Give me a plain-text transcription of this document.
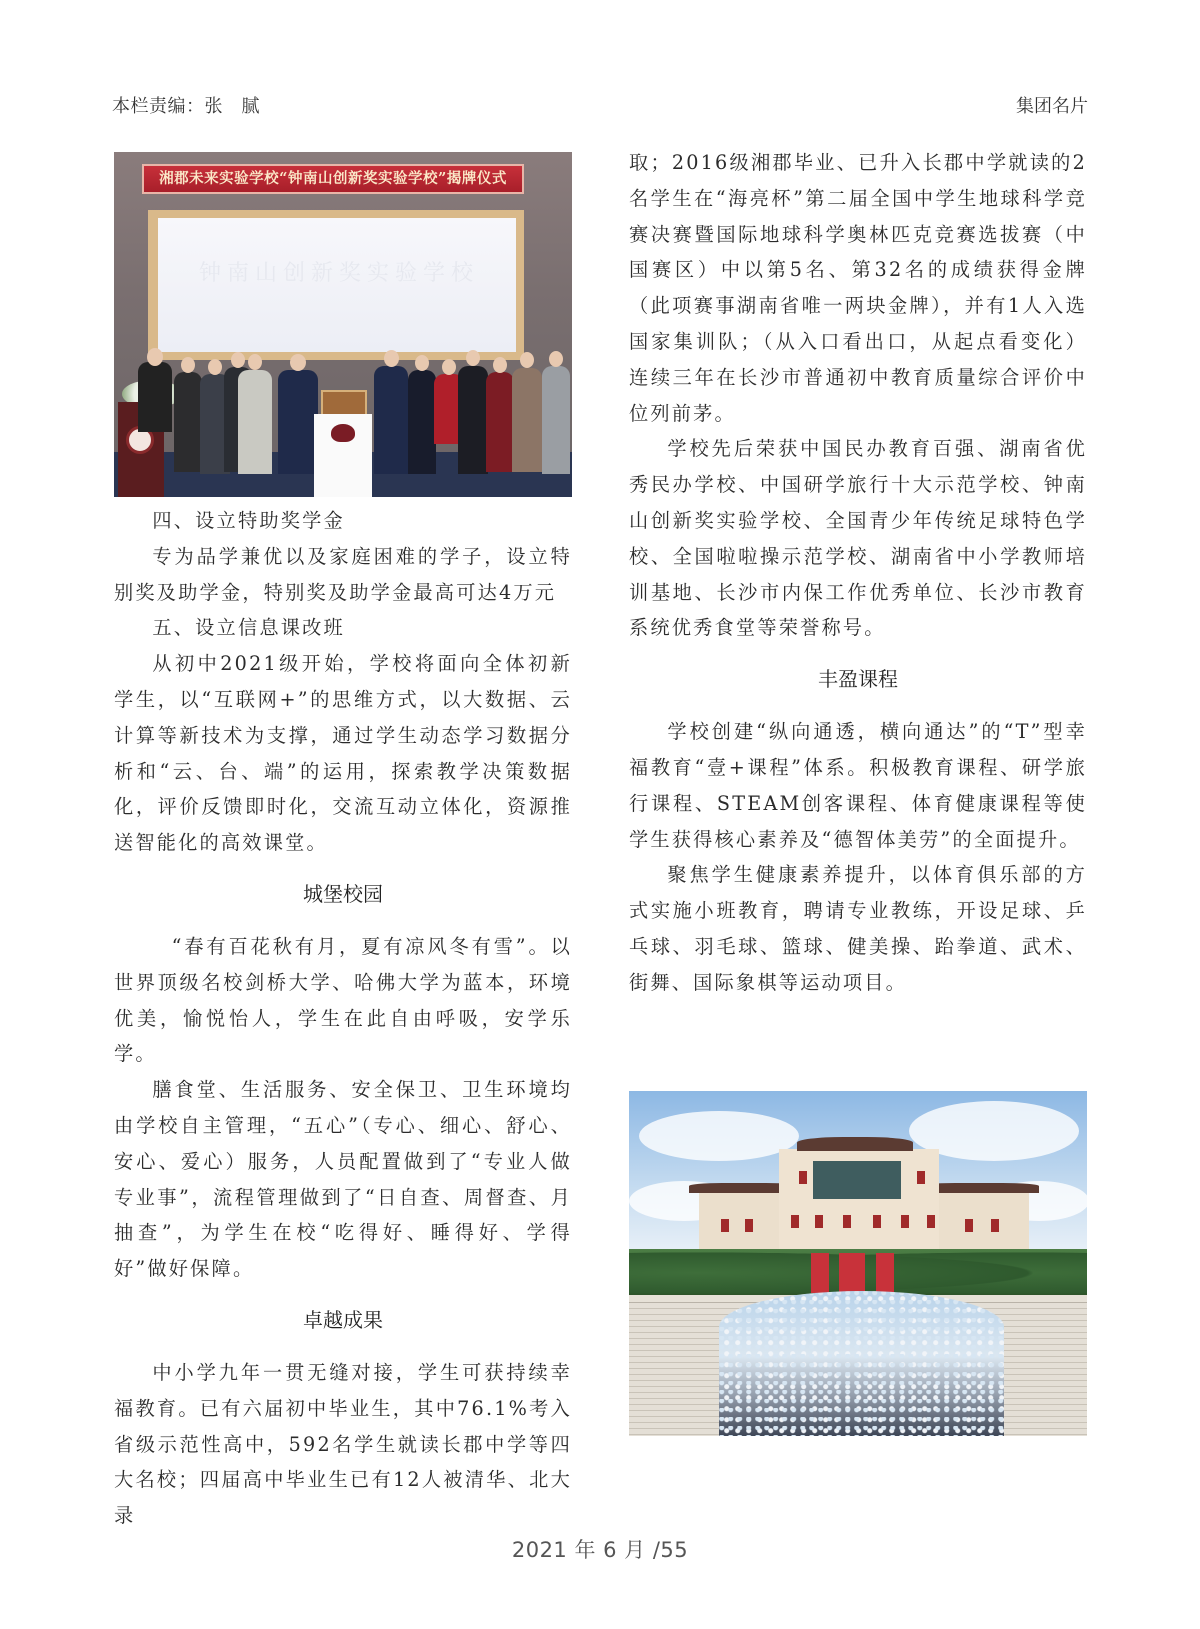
本栏责编：张　腻	集团名片
湘郡未来实验学校“钟南山创新奖实验学校”揭牌仪式
钟南山创新奖实验学校

四、设立特助奖学金

专为品学兼优以及家庭困难的学子，设立特别奖及助学金，特别奖及助学金最高可达4万元

五、设立信息课改班

从初中2021级开始，学校将面向全体初新学生，以“互联网+”的思维方式，以大数据、云计算等新技术为支撑，通过学生动态学习数据分析和“云、台、端”的运用，探索教学决策数据化，评价反馈即时化，交流互动立体化，资源推送智能化的高效课堂。

城堡校园

“春有百花秋有月，夏有凉风冬有雪”。以世界顶级名校剑桥大学、哈佛大学为蓝本，环境优美，愉悦怡人，学生在此自由呼吸，安学乐学。

膳食堂、生活服务、安全保卫、卫生环境均由学校自主管理，“五心”（专心、细心、舒心、安心、爱心）服务，人员配置做到了“专业人做专业事”，流程管理做到了“日自查、周督查、月抽查”，为学生在校“吃得好、睡得好、学得好”做好保障。

卓越成果

中小学九年一贯无缝对接，学生可获持续幸福教育。已有六届初中毕业生，其中76.1%考入省级示范性高中，592名学生就读长郡中学等四大名校；四届高中毕业生已有12人被清华、北大录

取；2016级湘郡毕业、已升入长郡中学就读的2名学生在“海亮杯”第二届全国中学生地球科学竞赛决赛暨国际地球科学奥林匹克竞赛选拔赛（中国赛区）中以第5名、第32名的成绩获得金牌（此项赛事湖南省唯一两块金牌），并有1人入选国家集训队；（从入口看出口，从起点看变化）连续三年在长沙市普通初中教育质量综合评价中位列前茅。

学校先后荣获中国民办教育百强、湖南省优秀民办学校、中国研学旅行十大示范学校、钟南山创新奖实验学校、全国青少年传统足球特色学校、全国啦啦操示范学校、湖南省中小学教师培训基地、长沙市内保工作优秀单位、长沙市教育系统优秀食堂等荣誉称号。

丰盈课程

学校创建“纵向通透，横向通达”的“T”型幸福教育“壹+课程”体系。积极教育课程、研学旅行课程、STEAM创客课程、体育健康课程等使学生获得核心素养及“德智体美劳”的全面提升。

聚焦学生健康素养提升，以体育俱乐部的方式实施小班教育，聘请专业教练，开设足球、乒乓球、羽毛球、篮球、健美操、跆拳道、武术、街舞、国际象棋等运动项目。

2021 年 6 月 /55
